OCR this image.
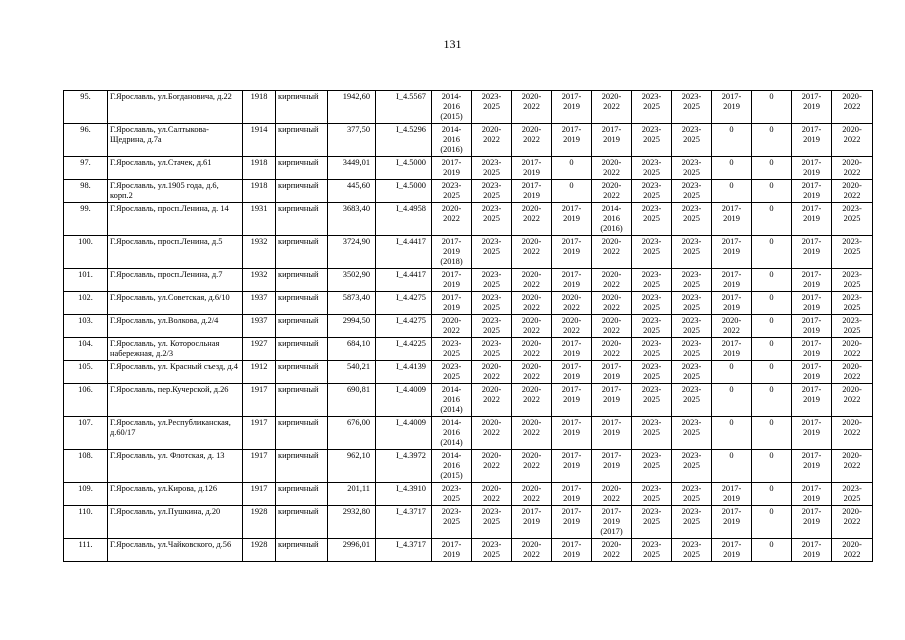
131
95.	Г.Ярославль, ул.Богдановича, д.22	1918	кирпичный	1942,60	I_4.5567	2014-2016 (2015)	2023-2025	2020-2022	2017-2019	2020-2022	2023-2025	2023-2025	2017-2019	0	2017-2019	2020-2022
96.	Г.Ярославль, ул.Салтыкова-Щедрина, д.7а	1914	кирпичный	377,50	I_4.5296	2014-2016 (2016)	2020-2022	2020-2022	2017-2019	2017-2019	2023-2025	2023-2025	0	0	2017-2019	2020-2022
97.	Г.Ярославль, ул.Стачек, д.61	1918	кирпичный	3449,01	I_4.5000	2017-2019	2023-2025	2017-2019	0	2020-2022	2023-2025	2023-2025	0	0	2017-2019	2020-2022
98.	Г.Ярославль, ул.1905 года, д.6, корп.2	1918	кирпичный	445,60	I_4.5000	2023-2025	2023-2025	2017-2019	0	2020-2022	2023-2025	2023-2025	0	0	2017-2019	2020-2022
99.	Г.Ярославль, просп.Ленина, д. 14	1931	кирпичный	3683,40	I_4.4958	2020-2022	2023-2025	2020-2022	2017-2019	2014-2016 (2016)	2023-2025	2023-2025	2017-2019	0	2017-2019	2023-2025
100.	Г.Ярославль, просп.Ленина, д.5	1932	кирпичный	3724,90	I_4.4417	2017-2019 (2018)	2023-2025	2020-2022	2017-2019	2020-2022	2023-2025	2023-2025	2017-2019	0	2017-2019	2023-2025
101.	Г.Ярославль, просп.Ленина, д.7	1932	кирпичный	3502,90	I_4.4417	2017-2019	2023-2025	2020-2022	2017-2019	2020-2022	2023-2025	2023-2025	2017-2019	0	2017-2019	2023-2025
102.	Г.Ярославль, ул.Советская, д.6/10	1937	кирпичный	5873,40	I_4.4275	2017-2019	2023-2025	2020-2022	2020-2022	2020-2022	2023-2025	2023-2025	2017-2019	0	2017-2019	2023-2025
103.	Г.Ярославль, ул.Волкова, д.2/4	1937	кирпичный	2994,50	I_4.4275	2020-2022	2023-2025	2020-2022	2020-2022	2020-2022	2023-2025	2023-2025	2020-2022	0	2017-2019	2023-2025
104.	Г.Ярославль, ул. Которосльная набережная, д.2/3	1927	кирпичный	684,10	I_4.4225	2023-2025	2023-2025	2020-2022	2017-2019	2020-2022	2023-2025	2023-2025	2017-2019	0	2017-2019	2020-2022
105.	Г.Ярославль, ул. Красный съезд, д.4	1912	кирпичный	540,21	I_4.4139	2023-2025	2020-2022	2020-2022	2017-2019	2017-2019	2023-2025	2023-2025	0	0	2017-2019	2020-2022
106.	Г.Ярославль, пер.Кучерской, д.26	1917	кирпичный	690,81	I_4.4009	2014-2016 (2014)	2020-2022	2020-2022	2017-2019	2017-2019	2023-2025	2023-2025	0	0	2017-2019	2020-2022
107.	Г.Ярославль, ул.Республиканская, д.60/17	1917	кирпичный	676,00	I_4.4009	2014-2016 (2014)	2020-2022	2020-2022	2017-2019	2017-2019	2023-2025	2023-2025	0	0	2017-2019	2020-2022
108.	Г.Ярославль, ул. Флотская, д. 13	1917	кирпичный	962,10	I_4.3972	2014-2016 (2015)	2020-2022	2020-2022	2017-2019	2017-2019	2023-2025	2023-2025	0	0	2017-2019	2020-2022
109.	Г.Ярославль, ул.Кирова, д.126	1917	кирпичный	201,11	I_4.3910	2023-2025	2020-2022	2020-2022	2017-2019	2020-2022	2023-2025	2023-2025	2017-2019	0	2017-2019	2023-2025
110.	Г.Ярославль, ул.Пушкина, д.20	1928	кирпичный	2932,80	I_4.3717	2023-2025	2023-2025	2017-2019	2017-2019	2017-2019 (2017)	2023-2025	2023-2025	2017-2019	0	2017-2019	2020-2022
111.	Г.Ярославль, ул.Чайковского, д.56	1928	кирпичный	2996,01	I_4.3717	2017-2019	2023-2025	2020-2022	2017-2019	2020-2022	2023-2025	2023-2025	2017-2019	0	2017-2019	2020-2022
